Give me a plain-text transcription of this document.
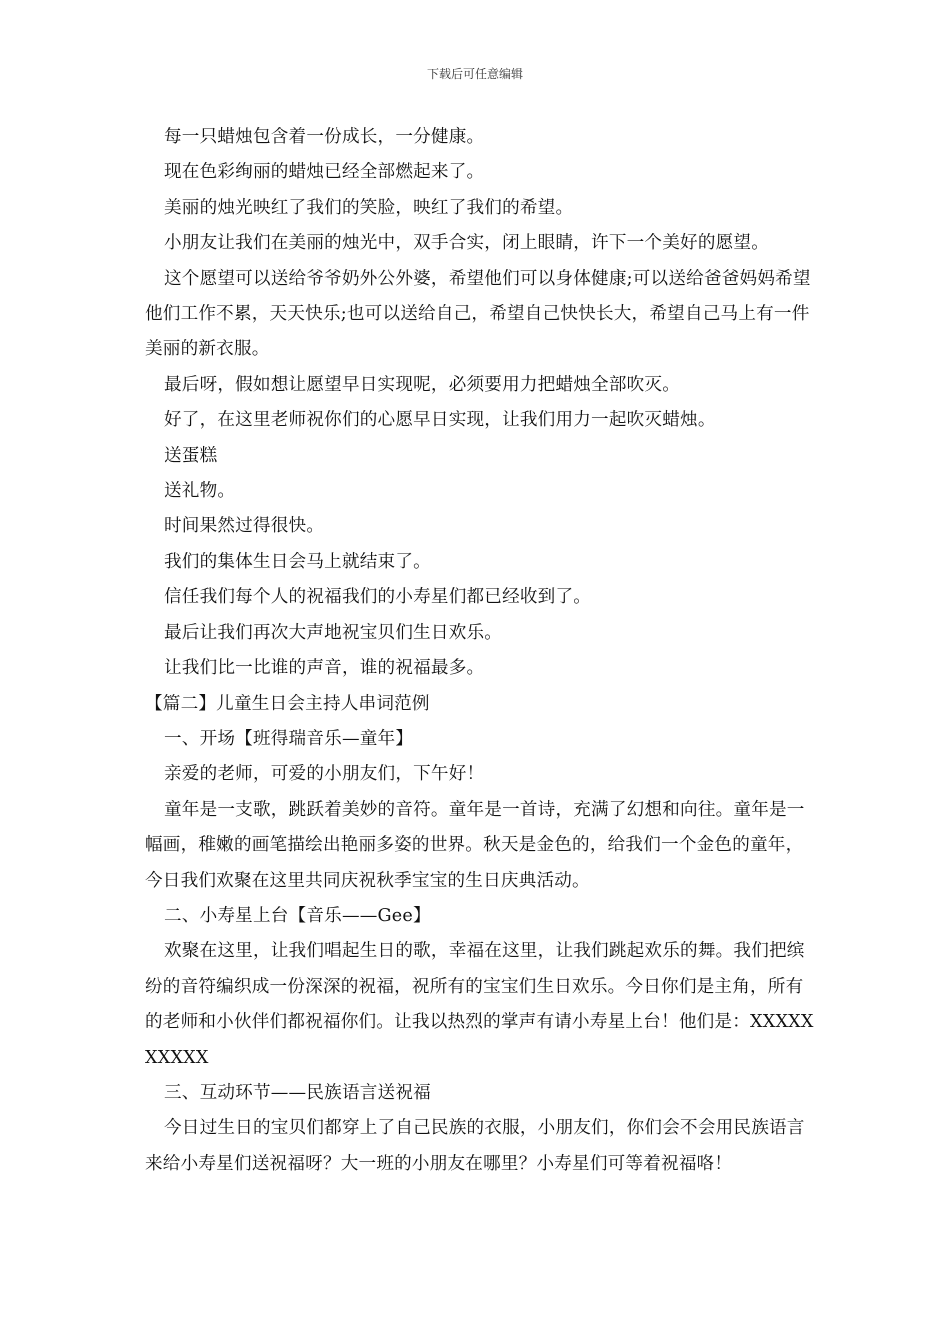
下载后可任意编辑

每一只蜡烛包含着一份成长，一分健康。

现在色彩绚丽的蜡烛已经全部燃起来了。

美丽的烛光映红了我们的笑脸，映红了我们的希望。

小朋友让我们在美丽的烛光中，双手合实，闭上眼睛，许下一个美好的愿望。

这个愿望可以送给爷爷奶外公外婆，希望他们可以身体健康;可以送给爸爸妈妈希望他们工作不累，天天快乐;也可以送给自己，希望自己快快长大，希望自己马上有一件美丽的新衣服。

最后呀，假如想让愿望早日实现呢，必须要用力把蜡烛全部吹灭。

好了，在这里老师祝你们的心愿早日实现，让我们用力一起吹灭蜡烛。

送蛋糕

送礼物。

时间果然过得很快。

我们的集体生日会马上就结束了。

信任我们每个人的祝福我们的小寿星们都已经收到了。

最后让我们再次大声地祝宝贝们生日欢乐。

让我们比一比谁的声音，谁的祝福最多。

【篇二】儿童生日会主持人串词范例

一、开场【班得瑞音乐—童年】

亲爱的老师，可爱的小朋友们，下午好！

童年是一支歌，跳跃着美妙的音符。童年是一首诗，充满了幻想和向往。童年是一幅画，稚嫩的画笔描绘出艳丽多姿的世界。秋天是金色的，给我们一个金色的童年，今日我们欢聚在这里共同庆祝秋季宝宝的生日庆典活动。

二、小寿星上台【音乐——Gee】

欢聚在这里，让我们唱起生日的歌，幸福在这里，让我们跳起欢乐的舞。我们把缤纷的音符编织成一份深深的祝福，祝所有的宝宝们生日欢乐。今日你们是主角，所有的老师和小伙伴们都祝福你们。让我以热烈的掌声有请小寿星上台！他们是：XXXXXXXXXX

三、互动环节——民族语言送祝福

今日过生日的宝贝们都穿上了自己民族的衣服，小朋友们，你们会不会用民族语言来给小寿星们送祝福呀？大一班的小朋友在哪里？小寿星们可等着祝福咯！
